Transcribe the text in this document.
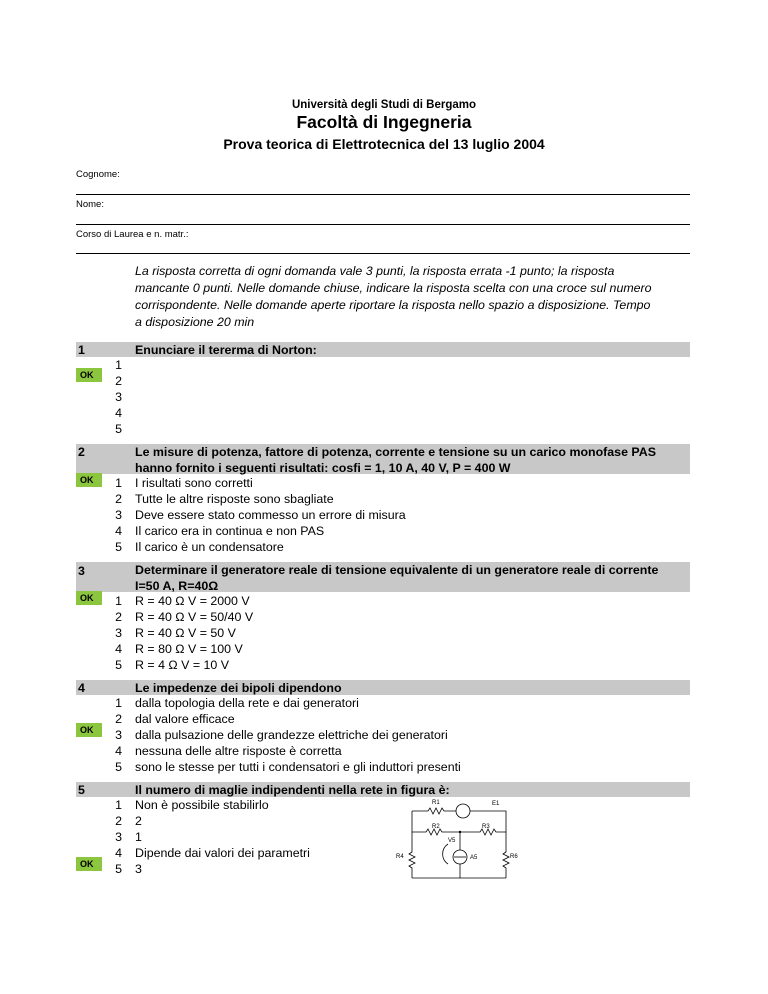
Università degli Studi di Bergamo
Facoltà di Ingegneria
Prova teorica di Elettrotecnica del 13 luglio 2004
Cognome:
Nome:
Corso di Laurea e n. matr.:
La risposta corretta di ogni domanda vale 3 punti, la risposta errata -1 punto; la risposta mancante 0 punti. Nelle domande chiuse, indicare la risposta scelta con una croce sul numero corrispondente. Nelle domande aperte riportare la risposta nello spazio a disposizione. Tempo a disposizione 20 min
1	Enunciare il tererma di Norton:
OK
1
2
3
4
5
2	Le misure di potenza, fattore di potenza, corrente e tensione su un carico monofase PAS hanno fornito i seguenti risultati: cosfi = 1, 10 A, 40 V, P = 400 W
OK	1 I risultati sono corretti
2 Tutte le altre risposte sono sbagliate
3 Deve essere stato commesso un errore di misura
4 Il carico era in continua e non PAS
5 Il carico è un condensatore
3	Determinare il generatore reale di tensione equivalente di un generatore reale di corrente I=50 A, R=40Ω
OK	1 R = 40 Ω V = 2000 V
2 R = 40 Ω V = 50/40 V
3 R = 40 Ω V = 50 V
4 R = 80 Ω V = 100 V
5 R = 4 Ω V = 10 V
4	Le impedenze dei bipoli dipendono
OK
1 dalla topologia della rete e dai generatori
2 dal valore efficace
3 dalla pulsazione delle grandezze elettriche dei generatori
4 nessuna delle altre risposte è corretta
5 sono le stesse per tutti i condensatori e gli induttori presenti
5	Il numero di maglie indipendenti nella rete in figura è:
OK
1 Non è possibile stabilirlo
2 2
3 1
4 Dipende dai valori dei parametri
5 3
R1	E1
R2	R3
V5
R4	A5	R6
